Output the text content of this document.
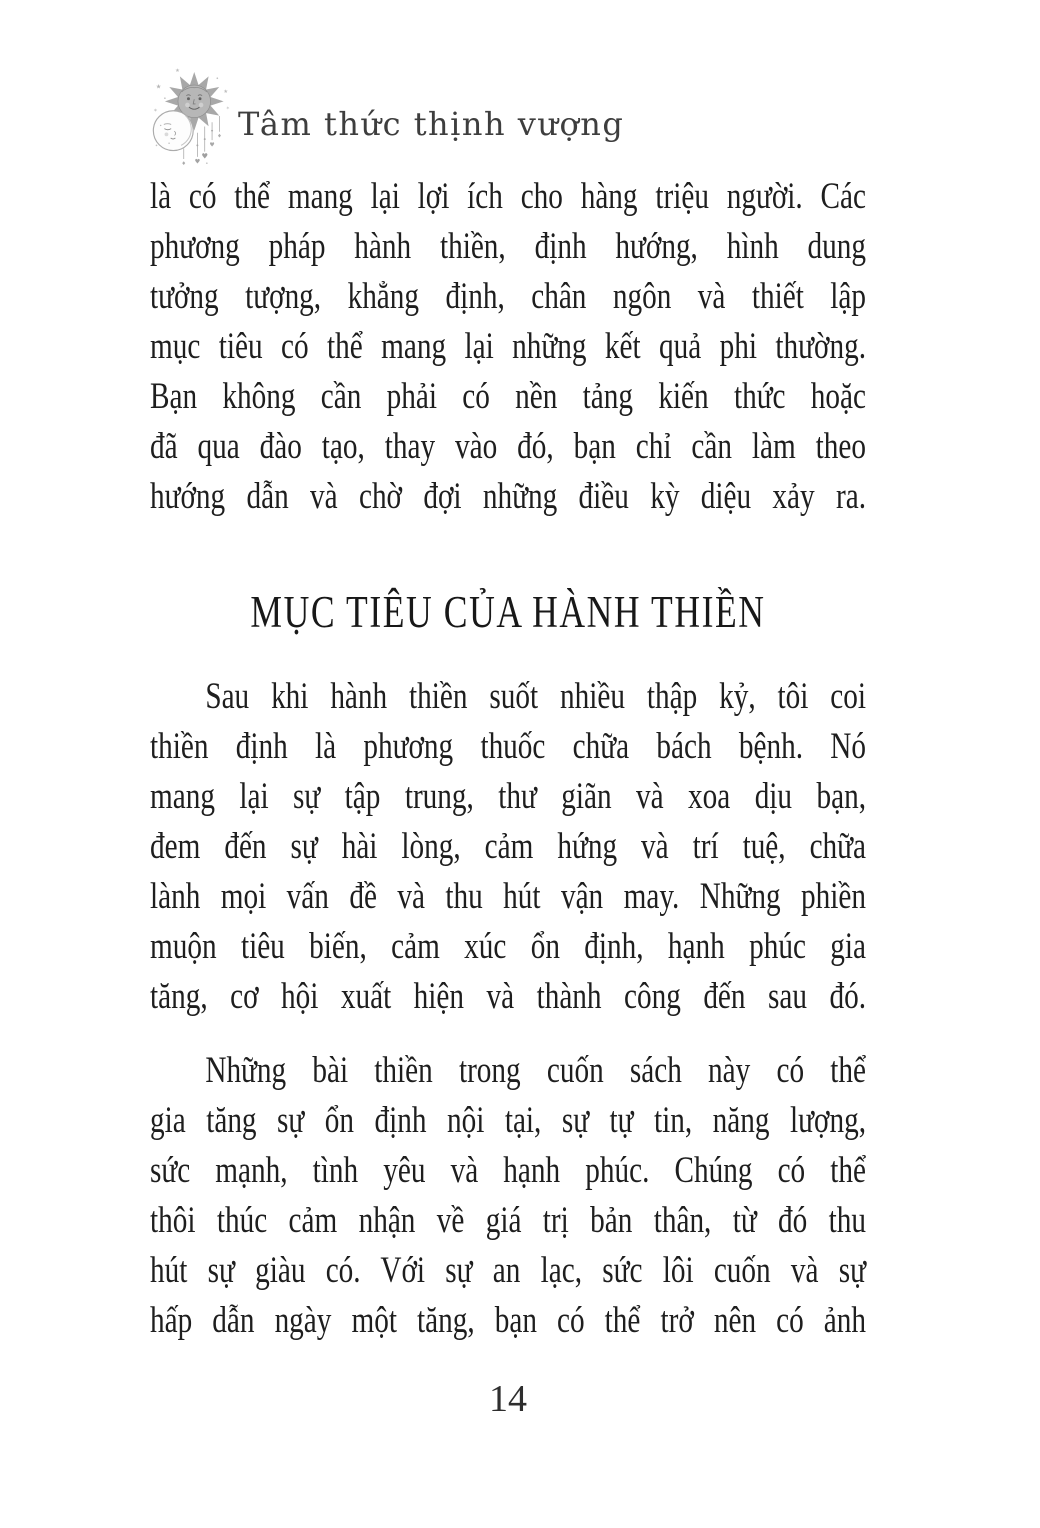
♥
♥
♦
♥
♦
★
★
★
✶	✶ Tâm thức thịnh vượng
là có thể mang lại lợi ích cho hàng triệu người. Các
phương pháp hành thiền, định hướng, hình dung
tưởng tượng, khẳng định, chân ngôn và thiết lập
mục tiêu có thể mang lại những kết quả phi thường.
Bạn không cần phải có nền tảng kiến thức hoặc
đã qua đào tạo, thay vào đó, bạn chỉ cần làm theo
hướng dẫn và chờ đợi những điều kỳ diệu xảy ra.
MỤC TIÊU CỦA HÀNH THIỀN
Sau khi hành thiền suốt nhiều thập kỷ, tôi coi
thiền định là phương thuốc chữa bách bệnh. Nó
mang lại sự tập trung, thư giãn và xoa dịu bạn,
đem đến sự hài lòng, cảm hứng và trí tuệ, chữa
lành mọi vấn đề và thu hút vận may. Những phiền
muộn tiêu biến, cảm xúc ổn định, hạnh phúc gia
tăng, cơ hội xuất hiện và thành công đến sau đó.
Những bài thiền trong cuốn sách này có thể
gia tăng sự ổn định nội tại, sự tự tin, năng lượng,
sức mạnh, tình yêu và hạnh phúc. Chúng có thể
thôi thúc cảm nhận về giá trị bản thân, từ đó thu
hút sự giàu có. Với sự an lạc, sức lôi cuốn và sự
hấp dẫn ngày một tăng, bạn có thể trở nên có ảnh
14
